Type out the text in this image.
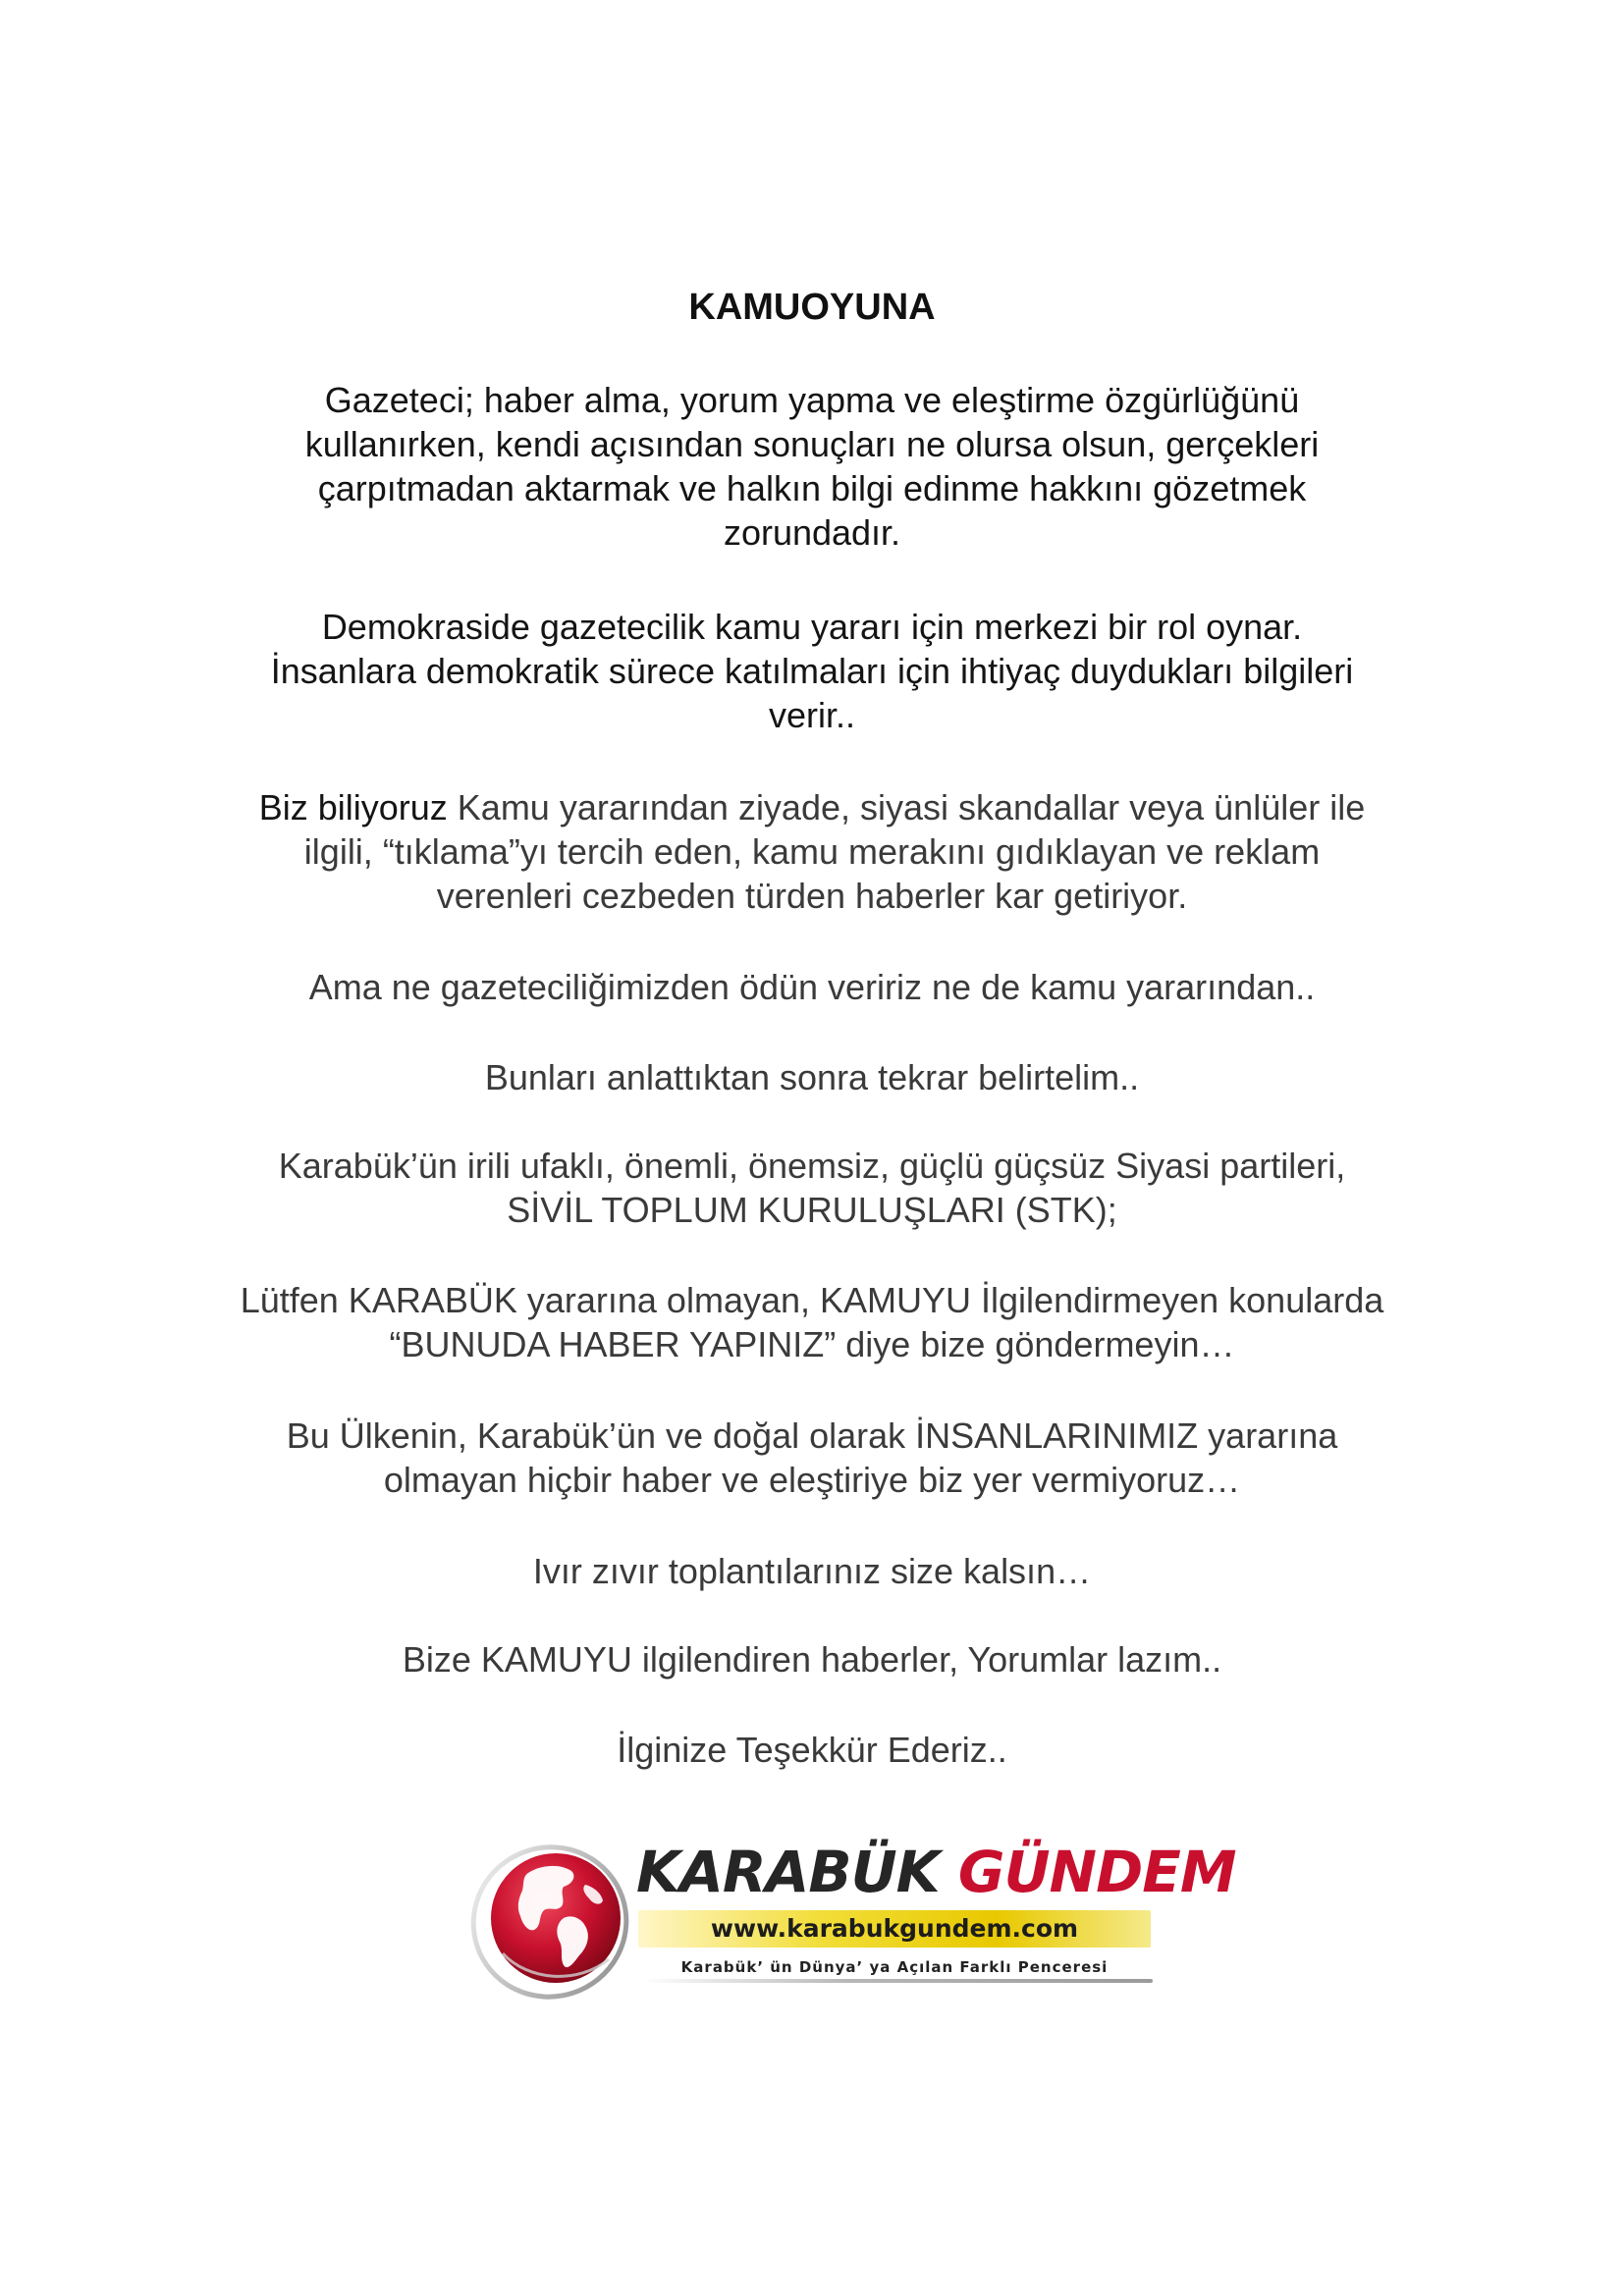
KAMUOYUNA

Gazeteci; haber alma, yorum yapma ve eleştirme özgürlüğünü
kullanırken, kendi açısından sonuçları ne olursa olsun, gerçekleri
çarpıtmadan aktarmak ve halkın bilgi edinme hakkını gözetmek
zorundadır.

Demokraside gazetecilik kamu yararı için merkezi bir rol oynar.
İnsanlara demokratik sürece katılmaları için ihtiyaç duydukları bilgileri
verir..

Biz biliyoruz Kamu yararından ziyade, siyasi skandallar veya ünlüler ile
ilgili, “tıklama”yı tercih eden, kamu merakını gıdıklayan ve reklam
verenleri cezbeden türden haberler kar getiriyor.

Ama ne gazeteciliğimizden ödün veririz ne de kamu yararından..

Bunları anlattıktan sonra tekrar belirtelim..

Karabük’ün irili ufaklı, önemli, önemsiz, güçlü güçsüz Siyasi partileri,
SİVİL TOPLUM KURULUŞLARI (STK);

Lütfen KARABÜK yararına olmayan, KAMUYU İlgilendirmeyen konularda
“BUNUDA HABER YAPINIZ” diye bize göndermeyin…

Bu Ülkenin, Karabük’ün ve doğal olarak İNSANLARINIMIZ yararına
olmayan hiçbir haber ve eleştiriye biz yer vermiyoruz…

Ivır zıvır toplantılarınız size kalsın…

Bize KAMUYU ilgilendiren haberler, Yorumlar lazım..

İlginize Teşekkür Ederiz..

KARABÜK GÜNDEM
www.karabukgundem.com
Karabük’ ün Dünya’ ya Açılan Farklı Penceresi
